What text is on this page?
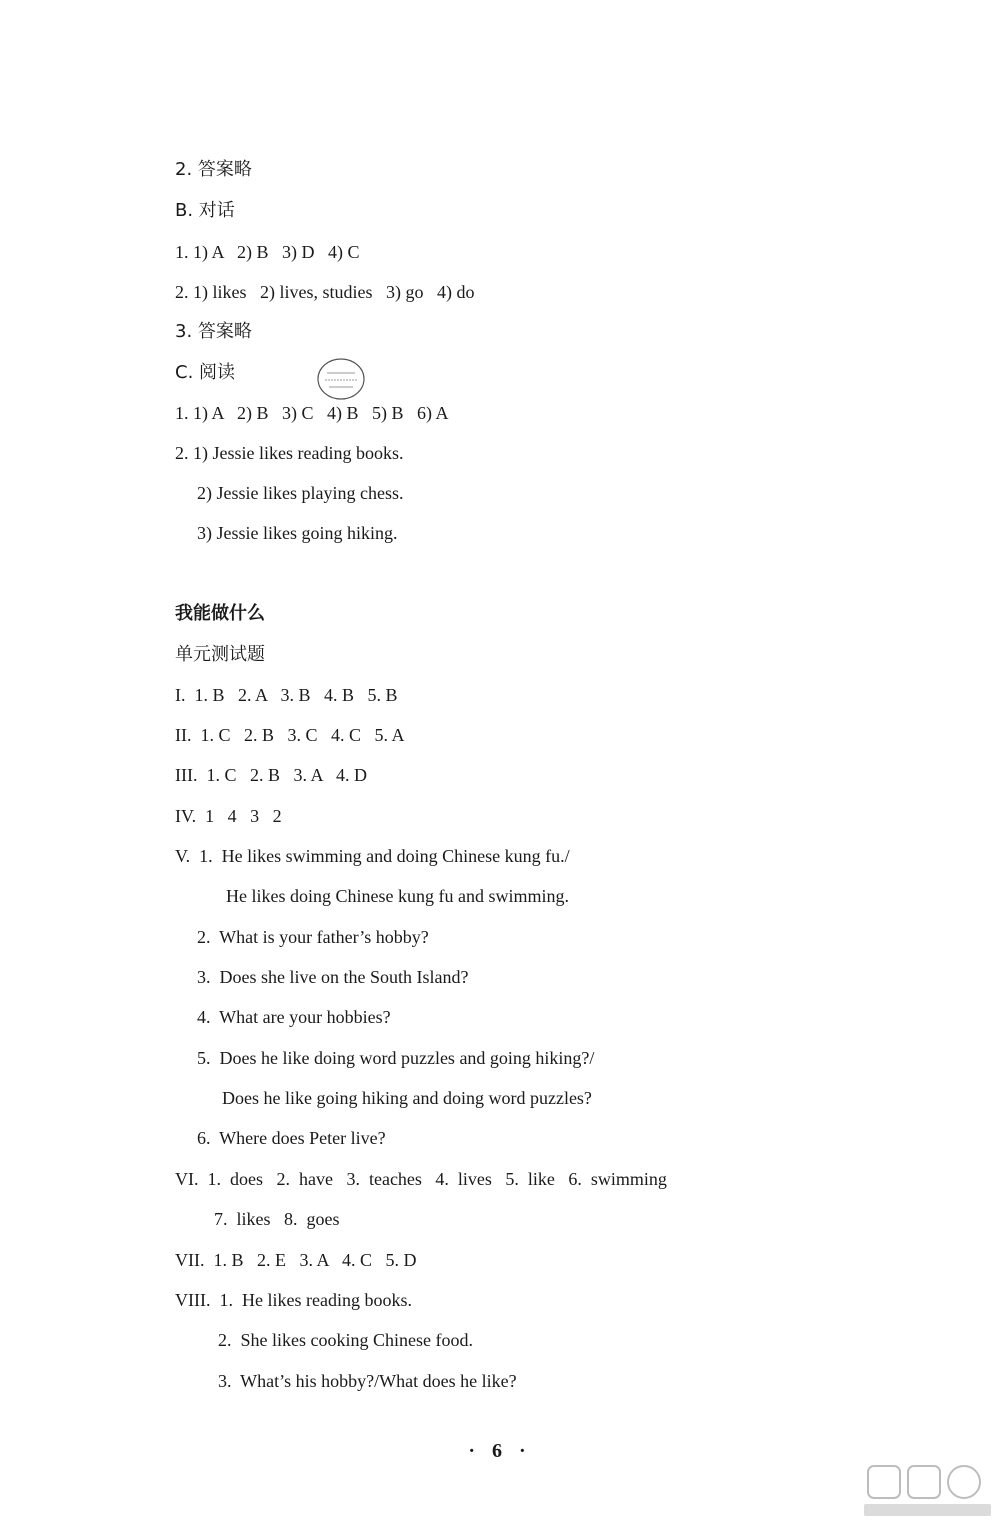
2. 答案略
B. 对话
1. 1) A   2) B   3) D   4) C
2. 1) likes   2) lives, studies   3) go   4) do
3. 答案略
C. 阅读
1. 1) A   2) B   3) C   4) B   5) B   6) A
2. 1) Jessie likes reading books.
2) Jessie likes playing chess.
3) Jessie likes going hiking.
我能做什么
单元测试题
I.  1. B   2. A   3. B   4. B   5. B
II.  1. C   2. B   3. C   4. C   5. A
III.  1. C   2. B   3. A   4. D
IV.  1   4   3   2
V.  1.  He likes swimming and doing Chinese kung fu./
He likes doing Chinese kung fu and swimming.
2.  What is your father’s hobby?
3.  Does she live on the South Island?
4.  What are your hobbies?
5.  Does he like doing word puzzles and going hiking?/
Does he like going hiking and doing word puzzles?
6.  Where does Peter live?
VI.  1.  does   2.  have   3.  teaches   4.  lives   5.  like   6.  swimming
7.  likes   8.  goes
VII.  1. B   2. E   3. A   4. C   5. D
VIII.  1.  He likes reading books.
2.  She likes cooking Chinese food.
3.  What’s his hobby?/What does he like?
· 6 ·
